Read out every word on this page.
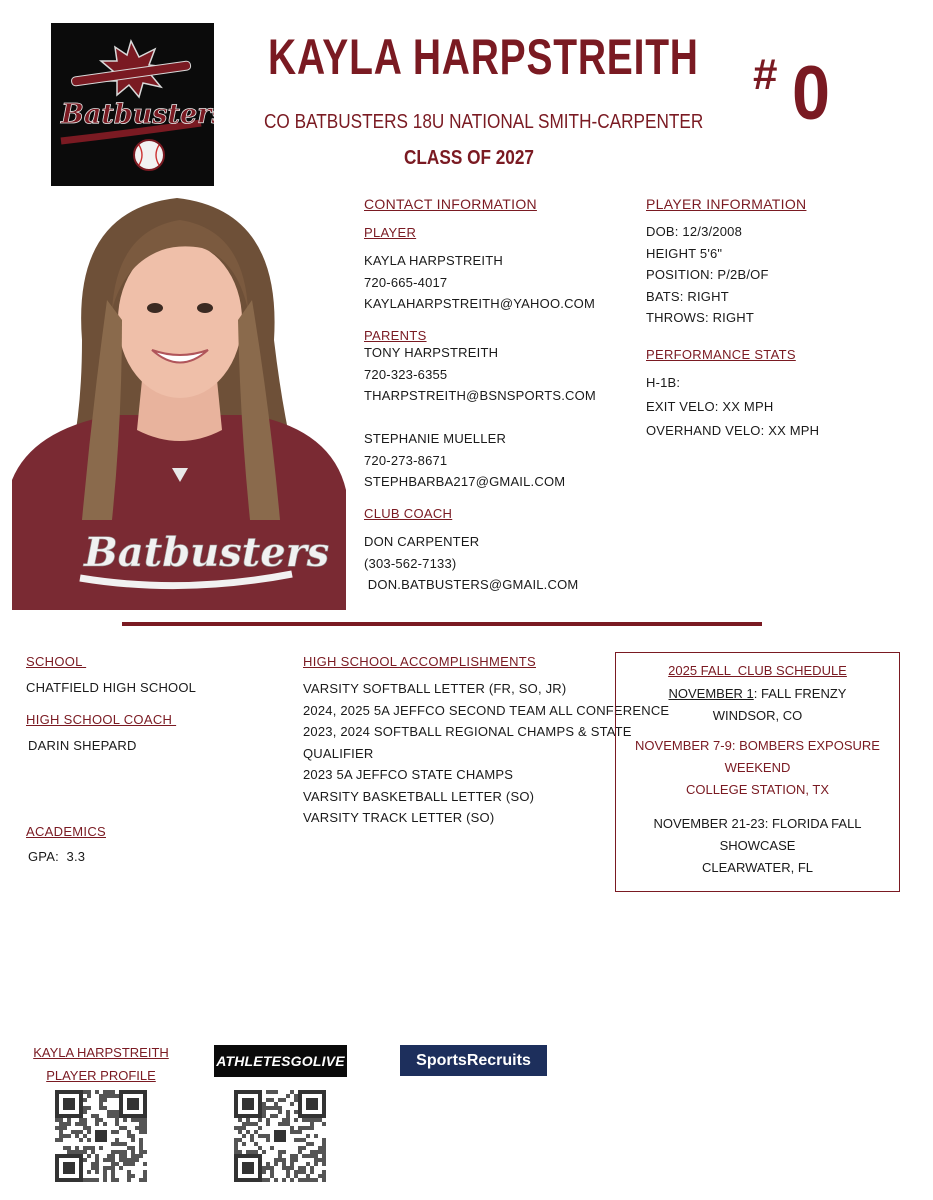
Batbusters
KAYLA HARPSTREITH
CO BATBUSTERS 18U NATIONAL SMITH-CARPENTER
CLASS OF 2027
# 0
Batbusters
CONTACT INFORMATION
PLAYER
KAYLA HARPSTREITH
720-665-4017
KAYLAHARPSTREITH@YAHOO.COM
PARENTS
TONY HARPSTREITH
720-323-6355
THARPSTREITH@BSNSPORTS.COM
STEPHANIE MUELLER
720-273-8671
STEPHBARBA217@GMAIL.COM
CLUB COACH
DON CARPENTER
(303-562-7133)
DON.BATBUSTERS@GMAIL.COM
PLAYER INFORMATION
DOB: 12/3/2008
HEIGHT 5'6"
POSITION: P/2B/OF
BATS: RIGHT
THROWS: RIGHT
PERFORMANCE STATS
H-1B:
EXIT VELO: XX MPH
OVERHAND VELO: XX MPH
SCHOOL
CHATFIELD HIGH SCHOOL
HIGH SCHOOL COACH
DARIN SHEPARD
ACADEMICS
GPA:  3.3
HIGH SCHOOL ACCOMPLISHMENTS
VARSITY SOFTBALL LETTER (FR, SO, JR)
2024, 2025 5A JEFFCO SECOND TEAM ALL CONFERENCE
2023, 2024 SOFTBALL REGIONAL CHAMPS & STATE
QUALIFIER
2023 5A JEFFCO STATE CHAMPS
VARSITY BASKETBALL LETTER (SO)
VARSITY TRACK LETTER (SO)
2025 FALL  CLUB SCHEDULE
NOVEMBER 1: FALL FRENZY
WINDSOR, CO
NOVEMBER 7-9: BOMBERS EXPOSURE WEEKEND
COLLEGE STATION, TX
NOVEMBER 21-23: FLORIDA FALL SHOWCASE
CLEARWATER, FL
KAYLA HARPSTREITH
PLAYER PROFILE
ATHLETESGOLIVE	SportsRecruits
